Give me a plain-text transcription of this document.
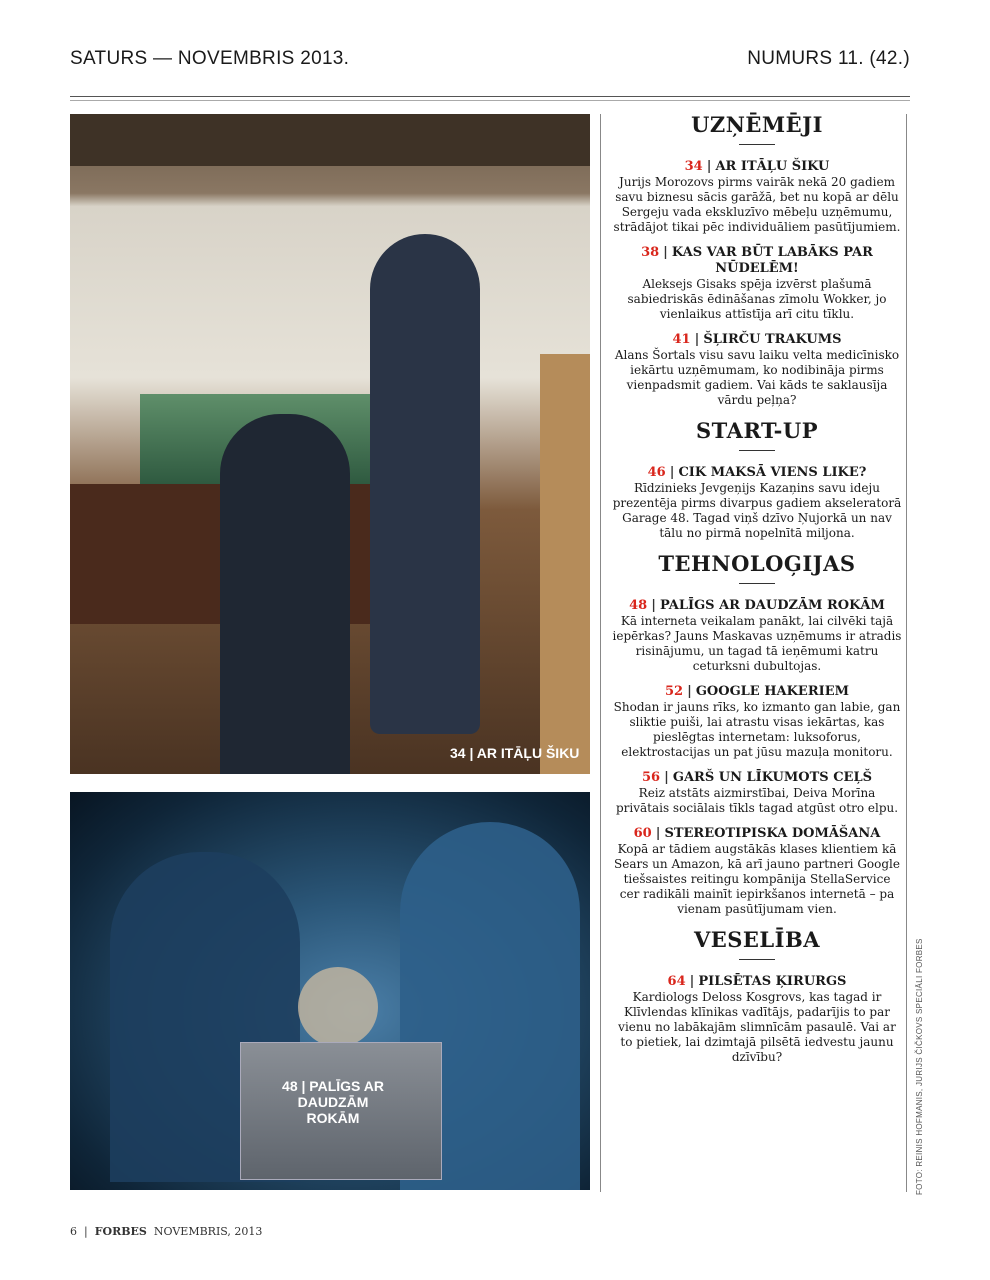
SATURS — NOVEMBRIS 2013.	NUMURS 11. (42.)
34 | AR ITĀĻU ŠIKU
48 | PALĪGS AR DAUDZĀM ROKĀM
UZŅĒMĒJI
34 | AR ITĀĻU ŠIKU

Jurijs Morozovs pirms vairāk nekā 20 gadiem savu biznesu sācis garāžā, bet nu kopā ar dēlu Sergeju vada ekskluzīvo mēbeļu uzņēmumu, strādājot tikai pēc individuāliem pasūtījumiem.

38 | KAS VAR BŪT LABĀKS PAR NŪDELĒM!

Aleksejs Gisaks spēja izvērst plašumā sabiedriskās ēdināšanas zīmolu Wokker, jo vienlaikus attīstīja arī citu tīklu.

41 | ŠĻIRČU TRAKUMS

Alans Šortals visu savu laiku velta medicīnisko iekārtu uzņēmumam, ko nodibināja pirms vienpadsmit gadiem. Vai kāds te saklausīja vārdu peļņa?

START-UP
46 | CIK MAKSĀ VIENS LIKE?

Rīdzinieks Jevgeņijs Kazaņins savu ideju prezentēja pirms divarpus gadiem akseleratorā Garage 48. Tagad viņš dzīvo Ņujorkā un nav tālu no pirmā nopelnītā miljona.

TEHNOLOĢIJAS
48 | PALĪGS AR DAUDZĀM ROKĀM

Kā interneta veikalam panākt, lai cilvēki tajā iepērkas? Jauns Maskavas uzņēmums ir atradis risinājumu, un tagad tā ieņēmumi katru ceturksni dubultojas.

52 | GOOGLE HAKERIEM

Shodan ir jauns rīks, ko izmanto gan labie, gan sliktie puiši, lai atrastu visas iekārtas, kas pieslēgtas internetam: luksoforus, elektrostacijas un pat jūsu mazuļa monitoru.

56 | GARŠ UN LĪKUMOTS CEĻŠ

Reiz atstāts aizmirstībai, Deiva Morīna privātais sociālais tīkls tagad atgūst otro elpu.

60 | STEREOTIPISKA DOMĀŠANA

Kopā ar tādiem augstākās klases klientiem kā Sears un Amazon, kā arī jauno partneri Google tiešsaistes reitingu kompānija StellaService cer radikāli mainīt iepirkšanos internetā – pa vienam pasūtījumam vien.

VESELĪBA
64 | PILSĒTAS ĶIRURGS

Kardiologs Deloss Kosgrovs, kas tagad ir Klīvlendas klīnikas vadītājs, padarījis to par vienu no labākajām slimnīcām pasaulē. Vai ar to pietiek, lai dzimtajā pilsētā iedvestu jaunu dzīvību?	FOTO: REINIS HOFMANIS, JURIJS ČIČKOVS SPECIĀLI FORBES
6 | FORBES NOVEMBRIS, 2013
